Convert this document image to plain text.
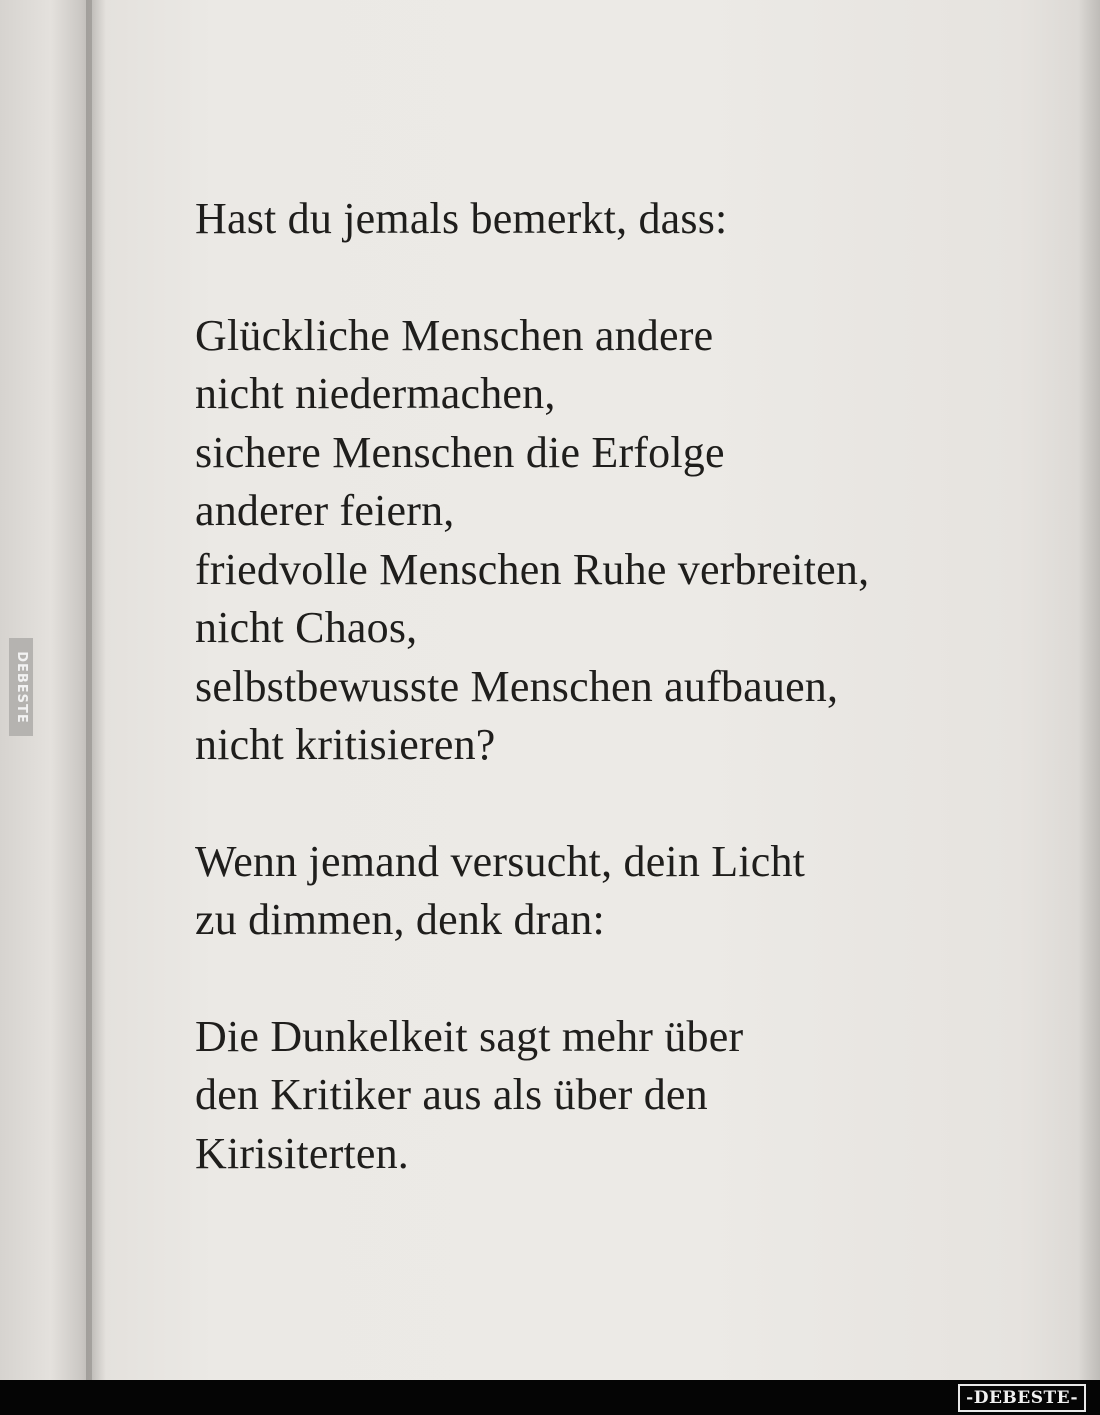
DEBESTE
Hast du jemals bemerkt, dass:
Glückliche Menschen andere
nicht niedermachen,
sichere Menschen die Erfolge
anderer feiern,
friedvolle Menschen Ruhe verbreiten,
nicht Chaos,
selbstbewusste Menschen aufbauen,
nicht kritisieren?
Wenn jemand versucht, dein Licht
zu dimmen, denk dran:
Die Dunkelkeit sagt mehr über
den Kritiker aus als über den
Kirisiterten.
-DEBESTE-
